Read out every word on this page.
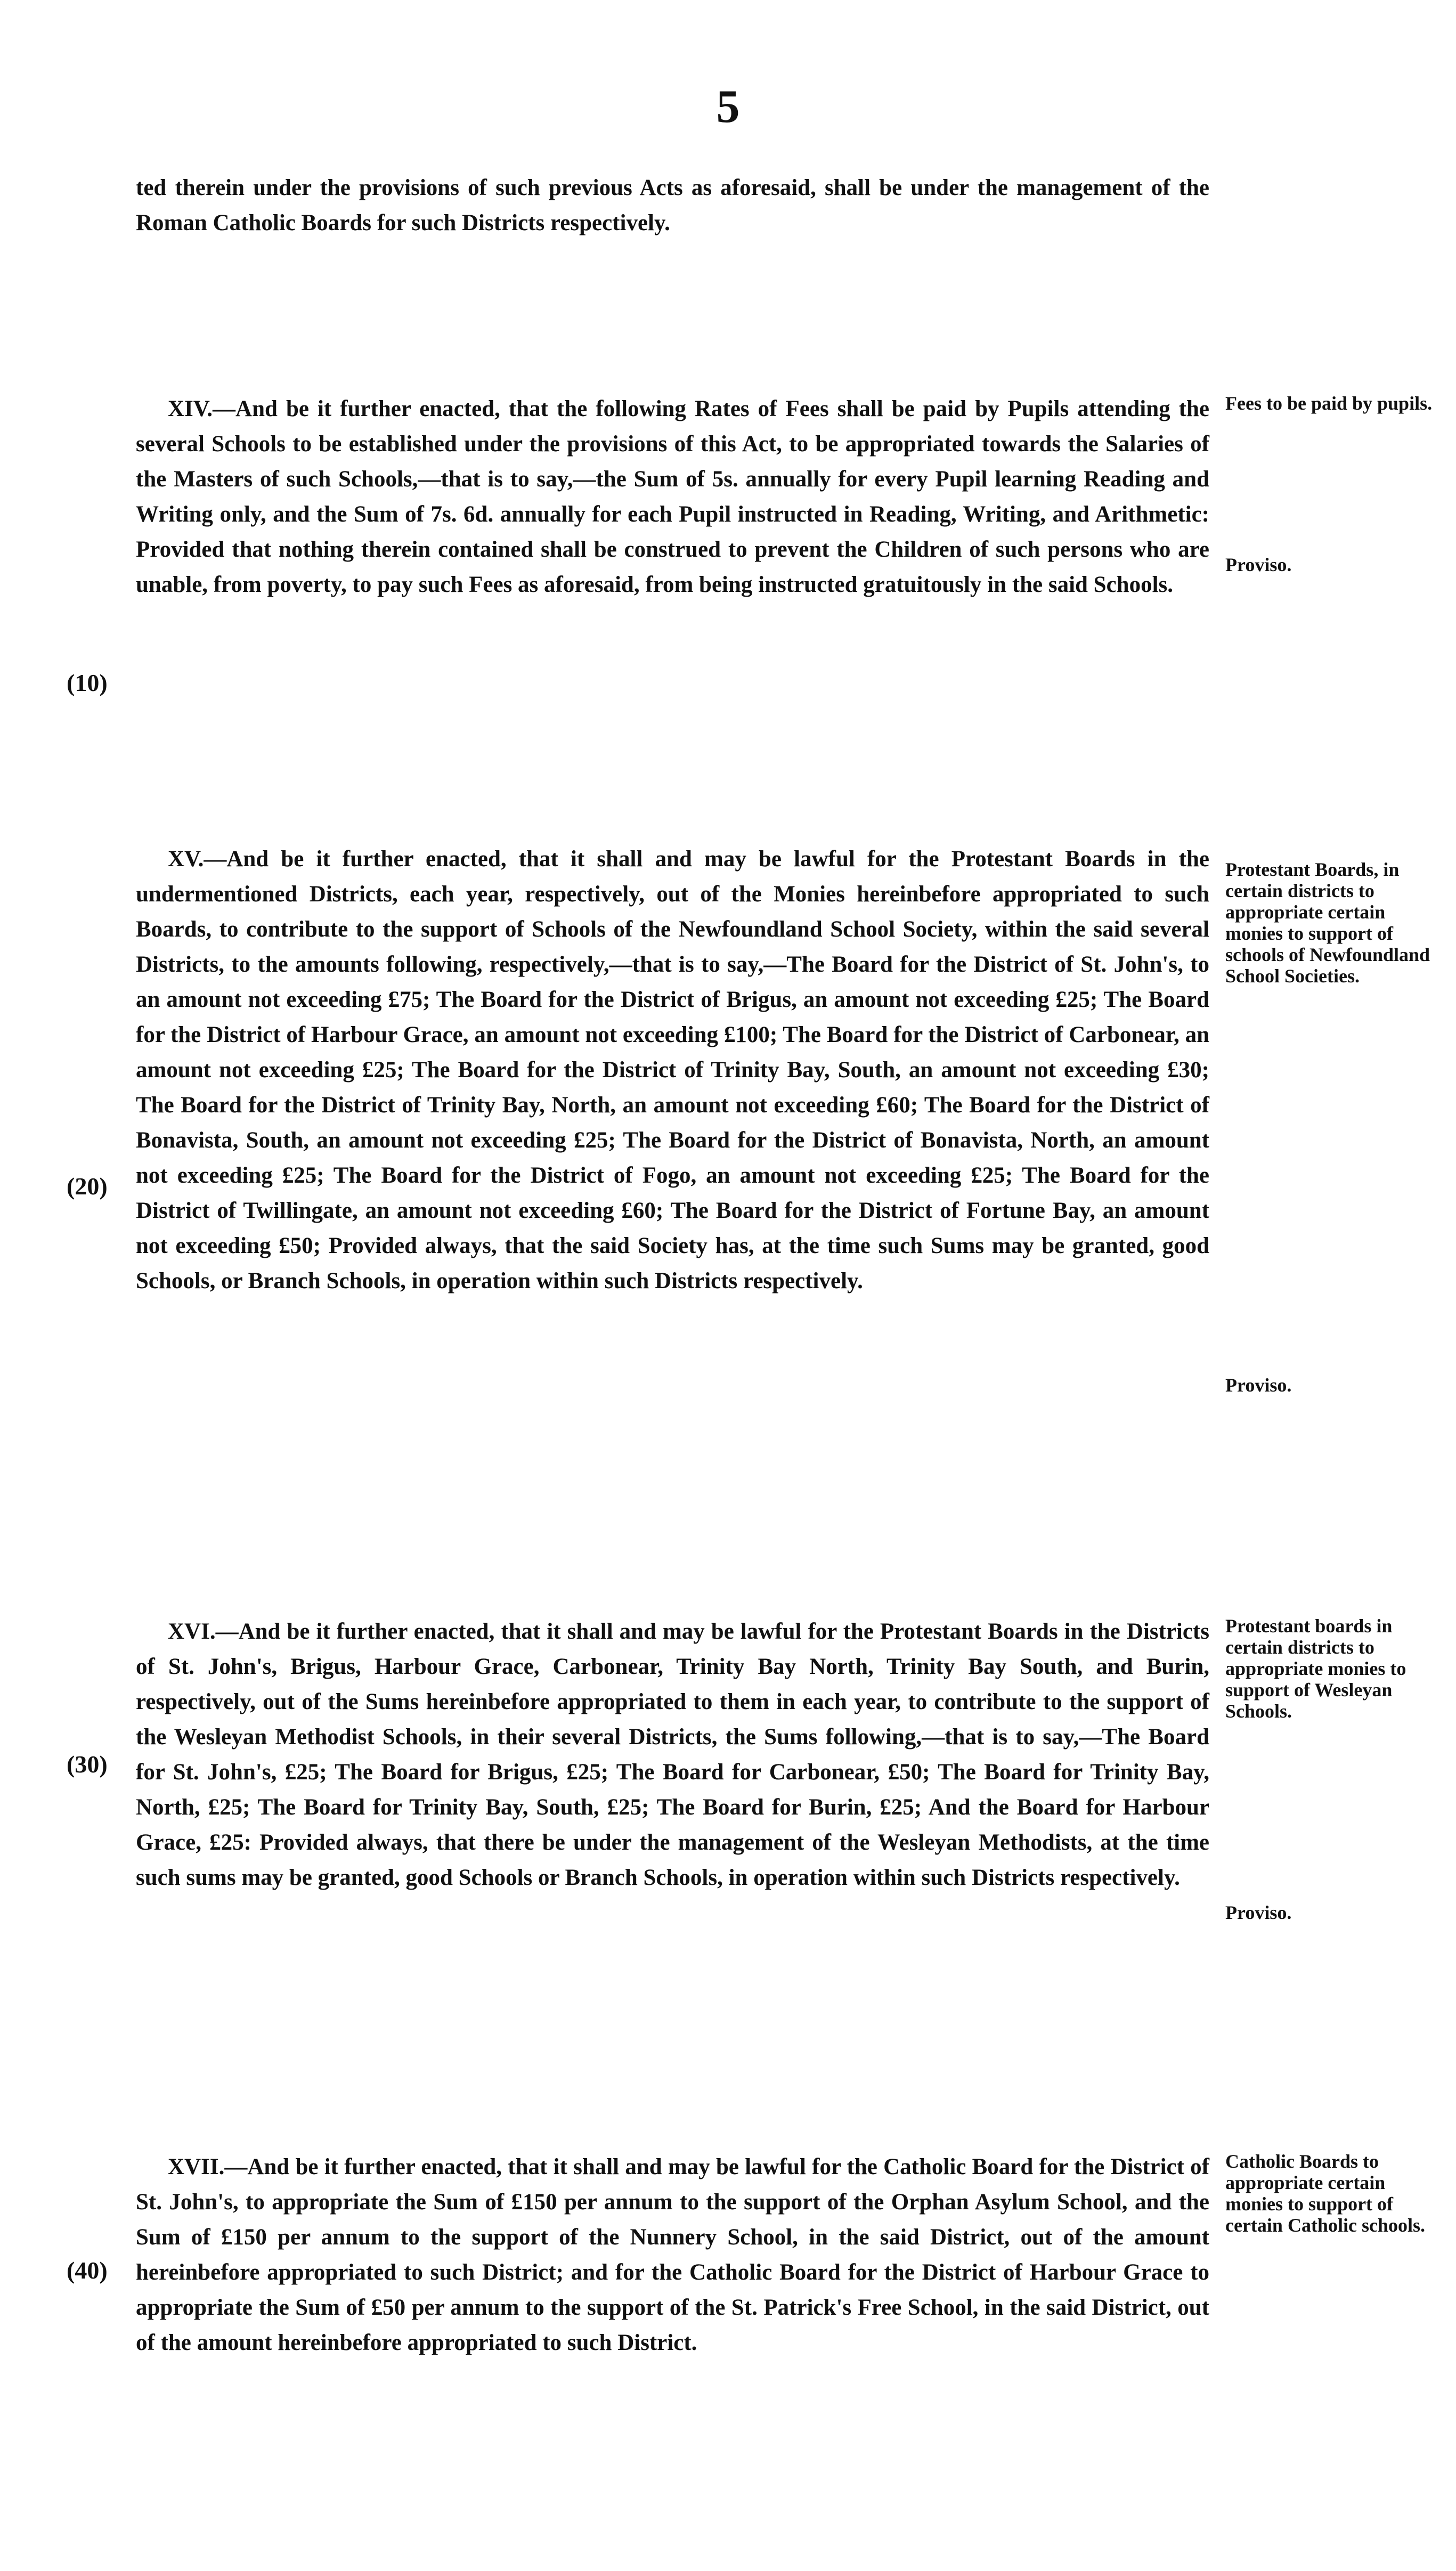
5

ted therein under the provisions of such previous Acts as aforesaid, shall be under the management of the Roman Catholic Boards for such Districts respectively.

XIV.—And be it further enacted, that the following Rates of Fees shall be paid by Pupils attending the several Schools to be established under the provisions of this Act, to be appropriated towards the Salaries of the Masters of such Schools,—that is to say,—the Sum of 5s. annually for every Pupil learning Reading and Writing only, and the Sum of 7s. 6d. annually for each Pupil instructed in Reading, Writing, and Arithmetic: Provided that nothing therein contained shall be construed to prevent the Children of such persons who are unable, from poverty, to pay such Fees as aforesaid, from being instructed gratuitously in the said Schools.

Fees to be paid by pupils.

Proviso.

(10)

XV.—And be it further enacted, that it shall and may be lawful for the Protestant Boards in the undermentioned Districts, each year, respectively, out of the Monies hereinbefore appropriated to such Boards, to contribute to the support of Schools of the Newfoundland School Society, within the said several Districts, to the amounts following, respectively,—that is to say,—The Board for the District of St. John's, to an amount not exceeding £75; The Board for the District of Brigus, an amount not exceeding £25; The Board for the District of Harbour Grace, an amount not exceeding £100; The Board for the District of Carbonear, an amount not exceeding £25; The Board for the District of Trinity Bay, South, an amount not exceeding £30; The Board for the District of Trinity Bay, North, an amount not exceeding £60; The Board for the District of Bonavista, South, an amount not exceeding £25; The Board for the District of Bonavista, North, an amount not exceeding £25; The Board for the District of Fogo, an amount not exceeding £25; The Board for the District of Twillingate, an amount not exceeding £60; The Board for the District of Fortune Bay, an amount not exceeding £50; Provided always, that the said Society has, at the time such Sums may be granted, good Schools, or Branch Schools, in operation within such Districts respectively.

Protestant Boards, in certain districts to appropriate certain monies to support of schools of Newfoundland School Societies.

Proviso.

(20)

XVI.—And be it further enacted, that it shall and may be lawful for the Protestant Boards in the Districts of St. John's, Brigus, Harbour Grace, Carbonear, Trinity Bay North, Trinity Bay South, and Burin, respectively, out of the Sums hereinbefore appropriated to them in each year, to contribute to the support of the Wesleyan Methodist Schools, in their several Districts, the Sums following,—that is to say,—The Board for St. John's, £25; The Board for Brigus, £25; The Board for Carbonear, £50; The Board for Trinity Bay, North, £25; The Board for Trinity Bay, South, £25; The Board for Burin, £25; And the Board for Harbour Grace, £25: Provided always, that there be under the management of the Wesleyan Methodists, at the time such sums may be granted, good Schools or Branch Schools, in operation within such Districts respectively.

Protestant boards in certain districts to appropriate monies to support of Wesleyan Schools.

Proviso.

(30)

XVII.—And be it further enacted, that it shall and may be lawful for the Catholic Board for the District of St. John's, to appropriate the Sum of £150 per annum to the support of the Orphan Asylum School, and the Sum of £150 per annum to the support of the Nunnery School, in the said District, out of the amount hereinbefore appropriated to such District; and for the Catholic Board for the District of Harbour Grace to appropriate the Sum of £50 per annum to the support of the St. Patrick's Free School, in the said District, out of the amount hereinbefore appropriated to such District.

Catholic Boards to appropriate certain monies to support of certain Catholic schools.

(40)
